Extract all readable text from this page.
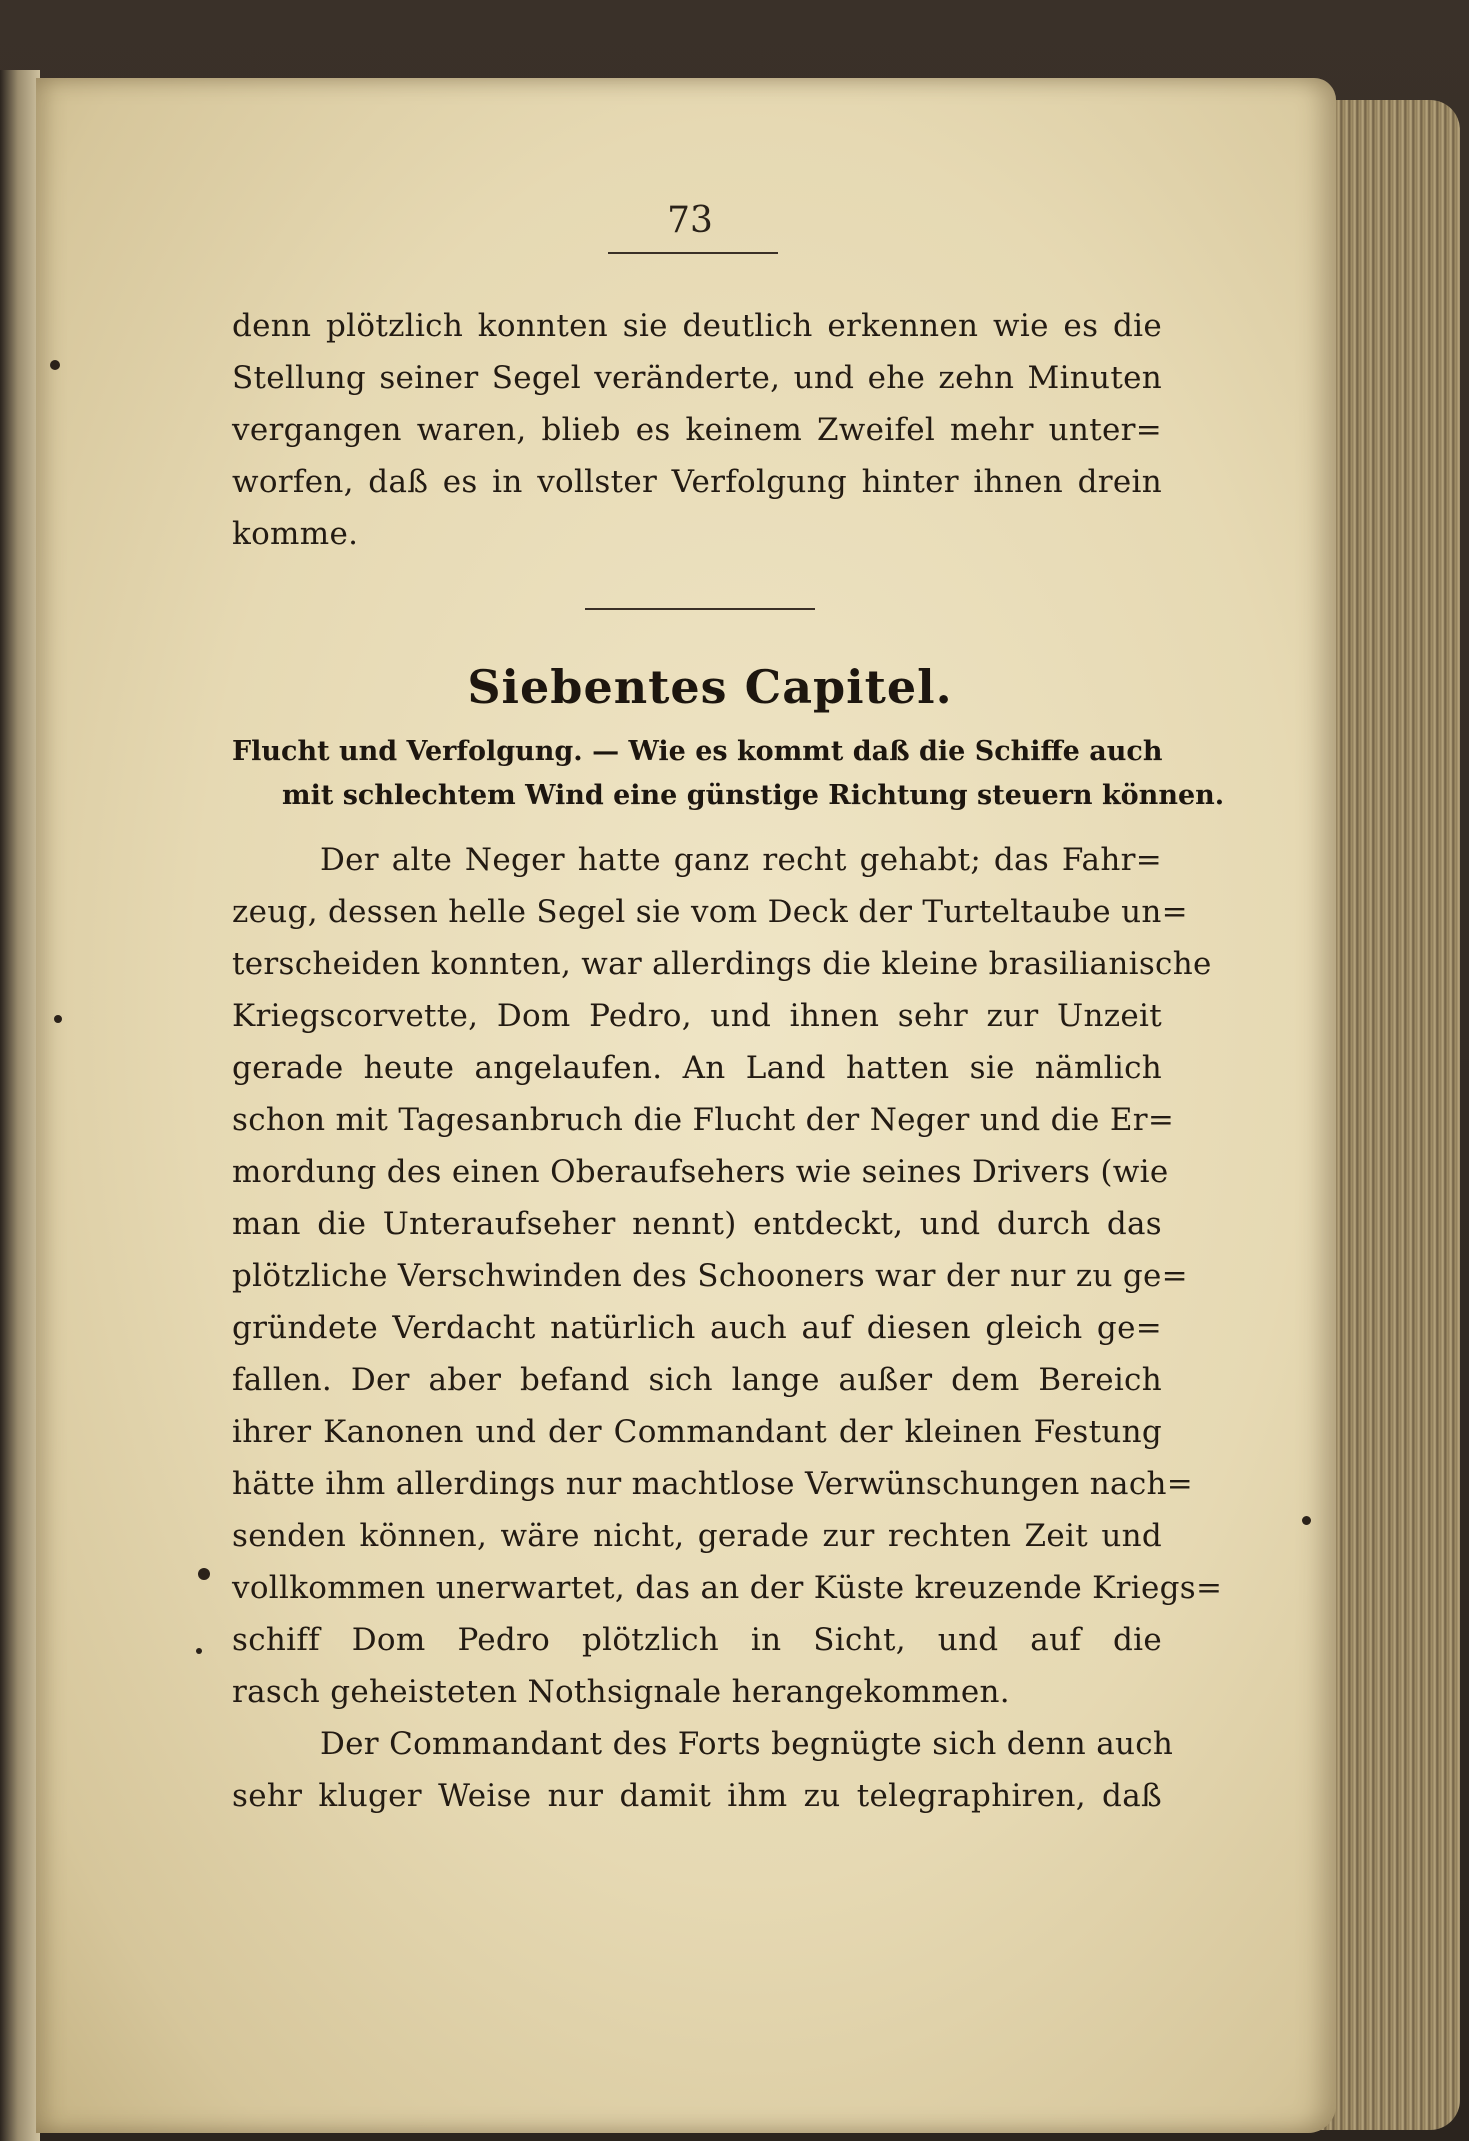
73
denn plötzlich konnten sie deutlich erkennen wie es die
Stellung seiner Segel veränderte, und ehe zehn Minuten
vergangen waren, blieb es keinem Zweifel mehr unter=
worfen, daß es in vollster Verfolgung hinter ihnen drein
komme.
Siebentes Capitel.
Flucht und Verfolgung. — Wie es kommt daß die Schiffe auch
mit schlechtem Wind eine günstige Richtung steuern können.
Der alte Neger hatte ganz recht gehabt; das Fahr=
zeug, dessen helle Segel sie vom Deck der Turteltaube un=
terscheiden konnten, war allerdings die kleine brasilianische
Kriegscorvette, Dom Pedro, und ihnen sehr zur Unzeit
gerade heute angelaufen. An Land hatten sie nämlich
schon mit Tagesanbruch die Flucht der Neger und die Er=
mordung des einen Oberaufsehers wie seines Drivers (wie
man die Unteraufseher nennt) entdeckt, und durch das
plötzliche Verschwinden des Schooners war der nur zu ge=
gründete Verdacht natürlich auch auf diesen gleich ge=
fallen. Der aber befand sich lange außer dem Bereich
ihrer Kanonen und der Commandant der kleinen Festung
hätte ihm allerdings nur machtlose Verwünschungen nach=
senden können, wäre nicht, gerade zur rechten Zeit und
vollkommen unerwartet, das an der Küste kreuzende Kriegs=
schiff Dom Pedro plötzlich in Sicht, und auf die
rasch geheisteten Nothsignale herangekommen.
Der Commandant des Forts begnügte sich denn auch
sehr kluger Weise nur damit ihm zu telegraphiren, daß
